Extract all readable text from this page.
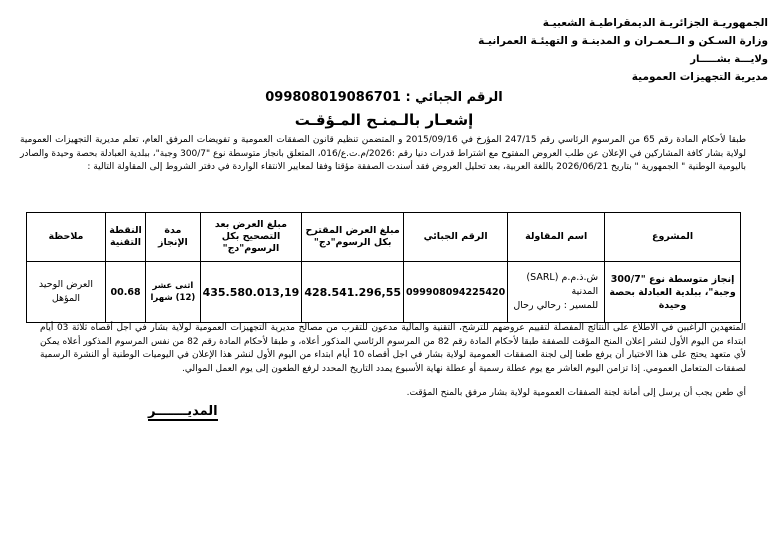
الجمهوريـة الجزائريـة الديمقراطيـة الشعبيـة
وزارة السـكن و الــعمـران و المدينـة و التهيئـة العمرانيـة
ولايـــة بشـــــار
مديرية التجهيزات العمومية
الرقم الجبائي : 099808019086701
إشعـار بالـمنـح المـؤقـت
طبقا لأحكام المادة رقم 65 من المرسوم الرئاسي رقم 247/15 المؤرخ في 2015/09/16 و المتضمن تنظيم قانون الصفقات العمومية و تفويضات المرفق العام، تعلم مديرية التجهيزات العمومية لولاية بشار كافة المشاركين في الإعلان عن طلب العروض المفتوح مع اشتراط قدرات دنيا رقم :2026/م.ت.ع/016، المتعلق بانجاز متوسطة نوع "300/7 وجبة"، ببلدية العبادلة بحصة وحيدة والصادر باليومية الوطنية " الجمهورية " بتاريخ 2026/06/21 باللغة العربية، بعد تحليل العروض فقد أسندت الصفقة مؤقتا وفقا لمعايير الانتقاء الواردة في دفتر الشروط إلى المقاولة التالية :
المشروع	اسم المقاولة	الرقم الجبائي	مبلغ العرض المقترح بكل الرسوم"دج"	مبلغ العرض بعد التصحيح بكل الرسوم"دج"	مدة الإنجاز	النقطة التقنية	ملاحظة
إنجاز متوسطة نوع "300/7 وجبة"، ببلدية العبادلة بحصة وحيدة	ش.ذ.م.م (SARL)
المدنية
للمسير : رحالي رحال	099908094225420	428.541.296,55	435.580.013,19	اثنى عشر (12) شهرا	00.68	العرض الوحيد المؤهل
المتعهدين الراغبين في الاطلاع على النتائج المفصلة لتقييم عروضهم للترشح، التقنية والمالية مدعون للتقرب من مصالح مديرية التجهيزات العمومية لولاية بشار في اجل أقصاه ثلاثة 03 أيام ابتداء من اليوم الأول لنشر إعلان المنح المؤقت للصفقة طبقا لأحكام المادة رقم 82 من المرسوم الرئاسي المذكور أعلاه، و طبقا لأحكام المادة رقم 82 من نفس المرسوم المذكور أعلاه يمكن لأي متعهد يحتج على هذا الاختيار أن يرفع طعنا إلى لجنة الصفقات العمومية لولاية بشار في اجل أقصاه 10 أيام ابتداء من اليوم الأول لنشر هذا الإعلان في اليوميات الوطنية أو النشرة الرسمية لصفقات المتعامل العمومي. إذا تزامن اليوم العاشر مع يوم عطلة رسمية أو عطلة نهاية الأسبوع يمدد التاريخ المحدد لرفع الطعون إلى يوم العمل الموالي.
أي طعن يجب أن يرسل إلى أمانة لجنة الصفقات العمومية لولاية بشار مرفق بالمنح المؤقت.
المديـــــــر
